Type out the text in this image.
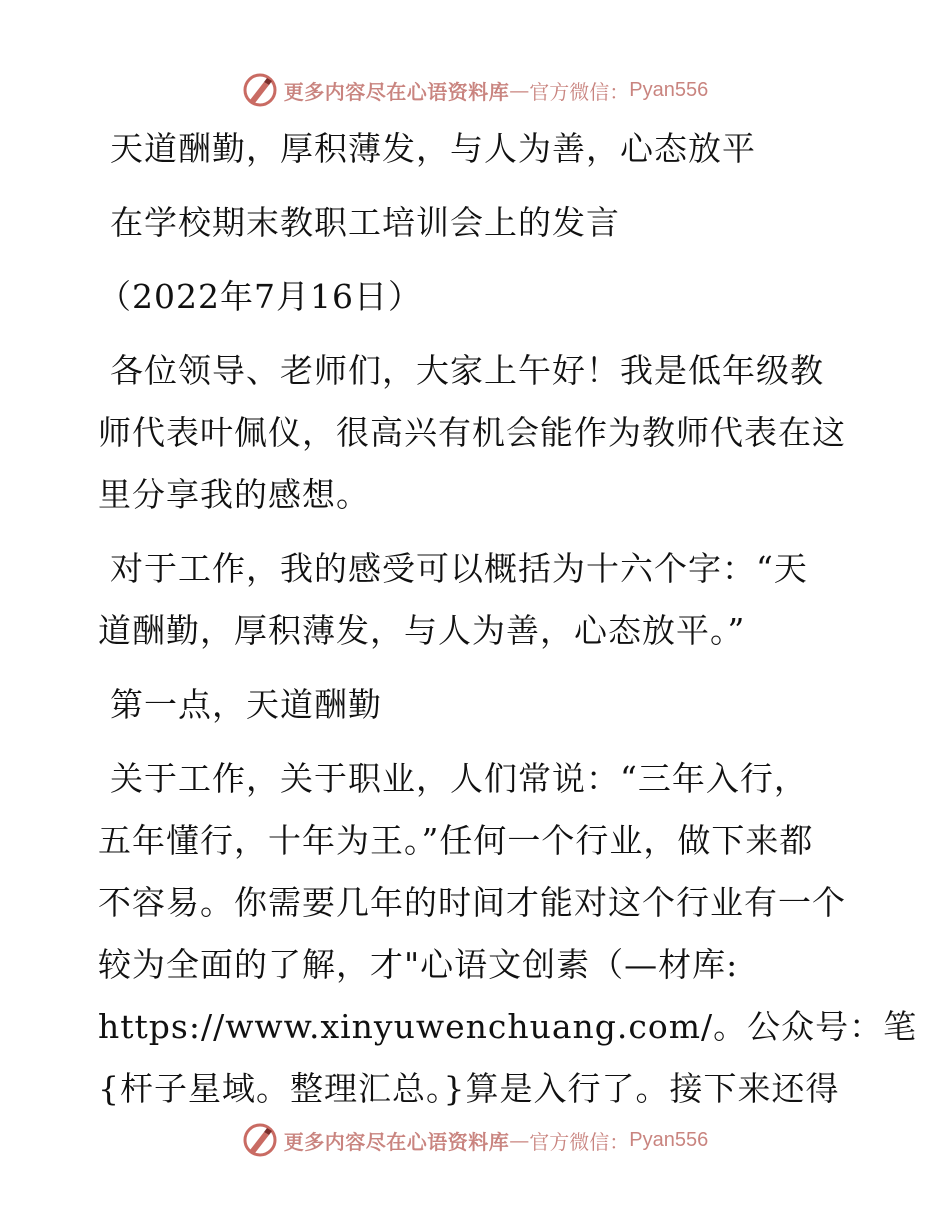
更多内容尽在心语资料库 — 官方微信： Pyan556
天道酬勤，厚积薄发，与人为善，心态放平
在学校期末教职工培训会上的发言
（2022年7月16日）
各位领导、老师们，大家上午好！我是低年级教
师代表叶佩仪，很高兴有机会能作为教师代表在这
里分享我的感想。
对于工作，我的感受可以概括为十六个字：“天
道酬勤，厚积薄发，与人为善，心态放平。”
第一点，天道酬勤
关于工作，关于职业，人们常说：“三年入行，
五年懂行，十年为王。”任何一个行业，做下来都
不容易。你需要几年的时间才能对这个行业有一个
较为全面的了解，才"心语文创素（—材库:
https://www.xinyuwenchuang.com/。公众号：笔
{杆子星域。整理汇总。}算是入行了。接下来还得
更多内容尽在心语资料库 — 官方微信： Pyan556
